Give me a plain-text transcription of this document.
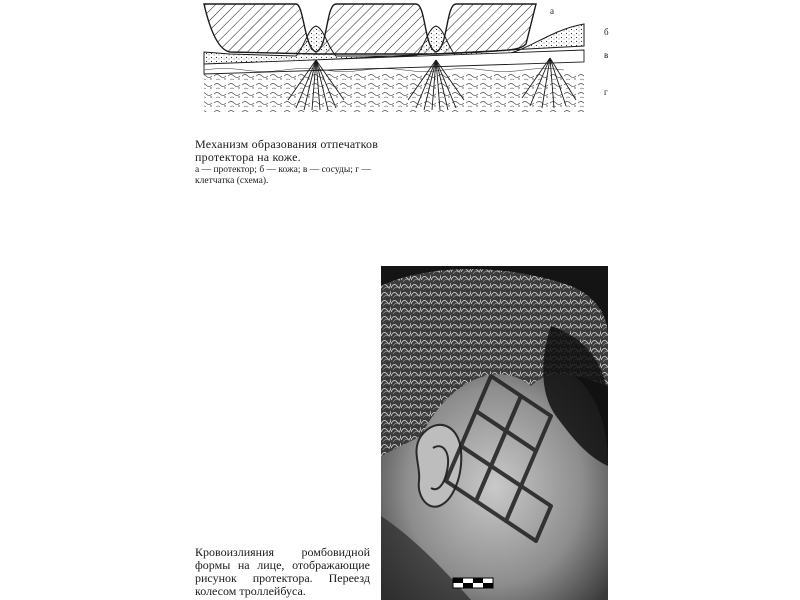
а
б
в
г

Механизм образования отпечатков протектора на коже.

а — протектор; б — кожа; в — сосуды; г — клетчатка (схема).

Кровоизлияния ромбовидной формы на лице, отображающие рисунок протектора. Переезд колесом троллейбуса.
